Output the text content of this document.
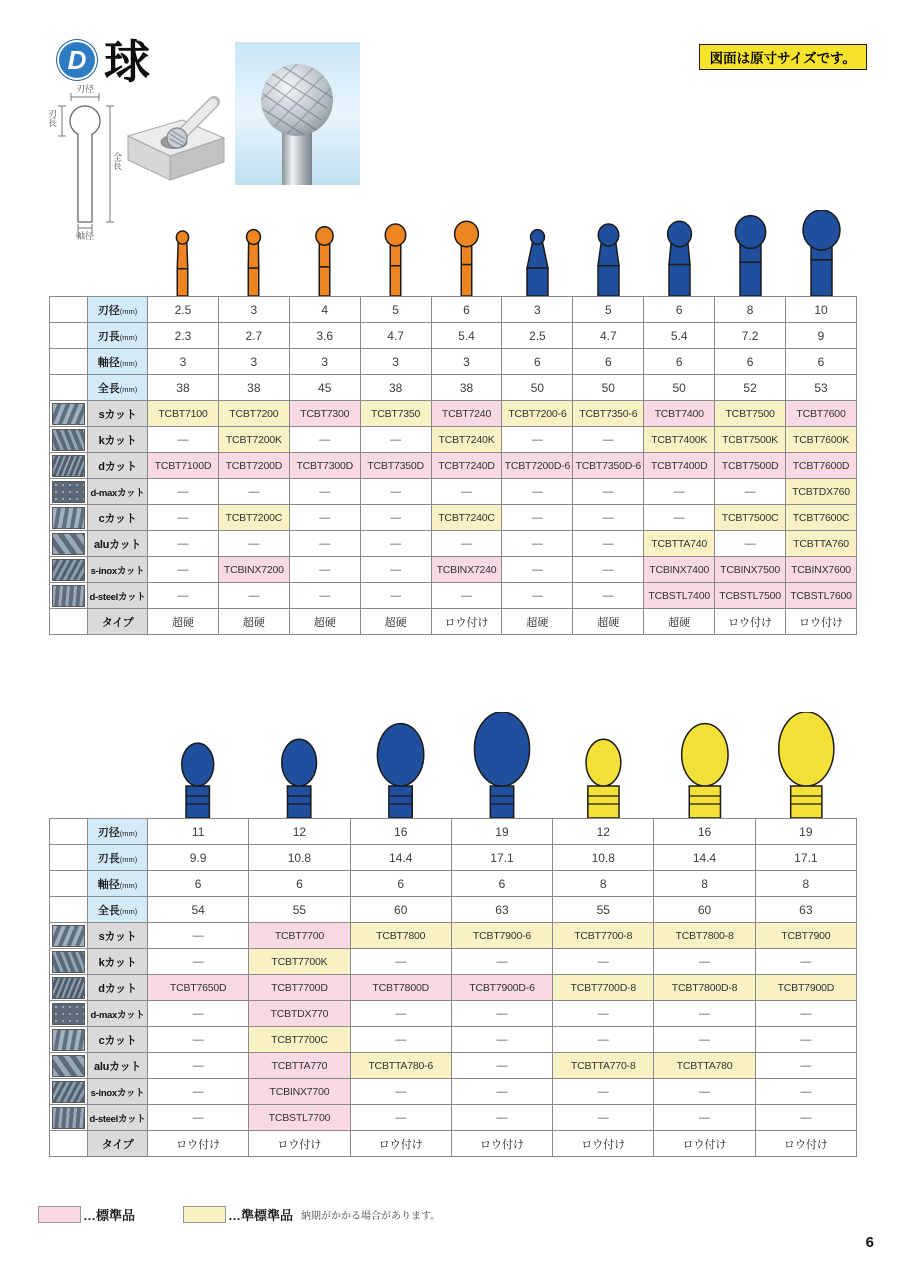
D 球	図面は原寸サイズです。
刃径
刃長
全長
軸径
	刃径(mm)	2.5	3	4	5	6	3	5	6	8	10
	刃長(mm)	2.3	2.7	3.6	4.7	5.4	2.5	4.7	5.4	7.2	9
	軸径(mm)	3	3	3	3	3	6	6	6	6	6
	全長(mm)	38	38	45	38	38	50	50	50	52	53

	sカット	TCBT7100	TCBT7200	TCBT7300	TCBT7350	TCBT7240	TCBT7200-6	TCBT7350-6	TCBT7400	TCBT7500	TCBT7600

	kカット	—	TCBT7200K	—	—	TCBT7240K	—	—	TCBT7400K	TCBT7500K	TCBT7600K

	dカット	TCBT7100D	TCBT7200D	TCBT7300D	TCBT7350D	TCBT7240D	TCBT7200D-6	TCBT7350D-6	TCBT7400D	TCBT7500D	TCBT7600D

	d-maxカット	—	—	—	—	—	—	—	—	—	TCBTDX760

	cカット	—	TCBT7200C	—	—	TCBT7240C	—	—	—	TCBT7500C	TCBT7600C

	aluカット	—	—	—	—	—	—	—	TCBTTA740	—	TCBTTA760

	s-inoxカット	—	TCBINX7200	—	—	TCBINX7240	—	—	TCBINX7400	TCBINX7500	TCBINX7600

	d-steelカット	—	—	—	—	—	—	—	TCBSTL7400	TCBSTL7500	TCBSTL7600
	タイプ	超硬	超硬	超硬	超硬	ロウ付け	超硬	超硬	超硬	ロウ付け	ロウ付け
	刃径(mm)	11	12	16	19	12	16	19
	刃長(mm)	9.9	10.8	14.4	17.1	10.8	14.4	17.1
	軸径(mm)	6	6	6	6	8	8	8
	全長(mm)	54	55	60	63	55	60	63

	sカット	—	TCBT7700	TCBT7800	TCBT7900-6	TCBT7700-8	TCBT7800-8	TCBT7900

	kカット	—	TCBT7700K	—	—	—	—	—

	dカット	TCBT7650D	TCBT7700D	TCBT7800D	TCBT7900D-6	TCBT7700D-8	TCBT7800D-8	TCBT7900D

	d-maxカット	—	TCBTDX770	—	—	—	—	—

	cカット	—	TCBT7700C	—	—	—	—	—

	aluカット	—	TCBTTA770	TCBTTA780-6	—	TCBTTA770-8	TCBTTA780	—

	s-inoxカット	—	TCBINX7700	—	—	—	—	—

	d-steelカット	—	TCBSTL7700	—	—	—	—	—
	タイプ	ロウ付け	ロウ付け	ロウ付け	ロウ付け	ロウ付け	ロウ付け	ロウ付け
…標準品	…準標準品 納期がかかる場合があります。
6
